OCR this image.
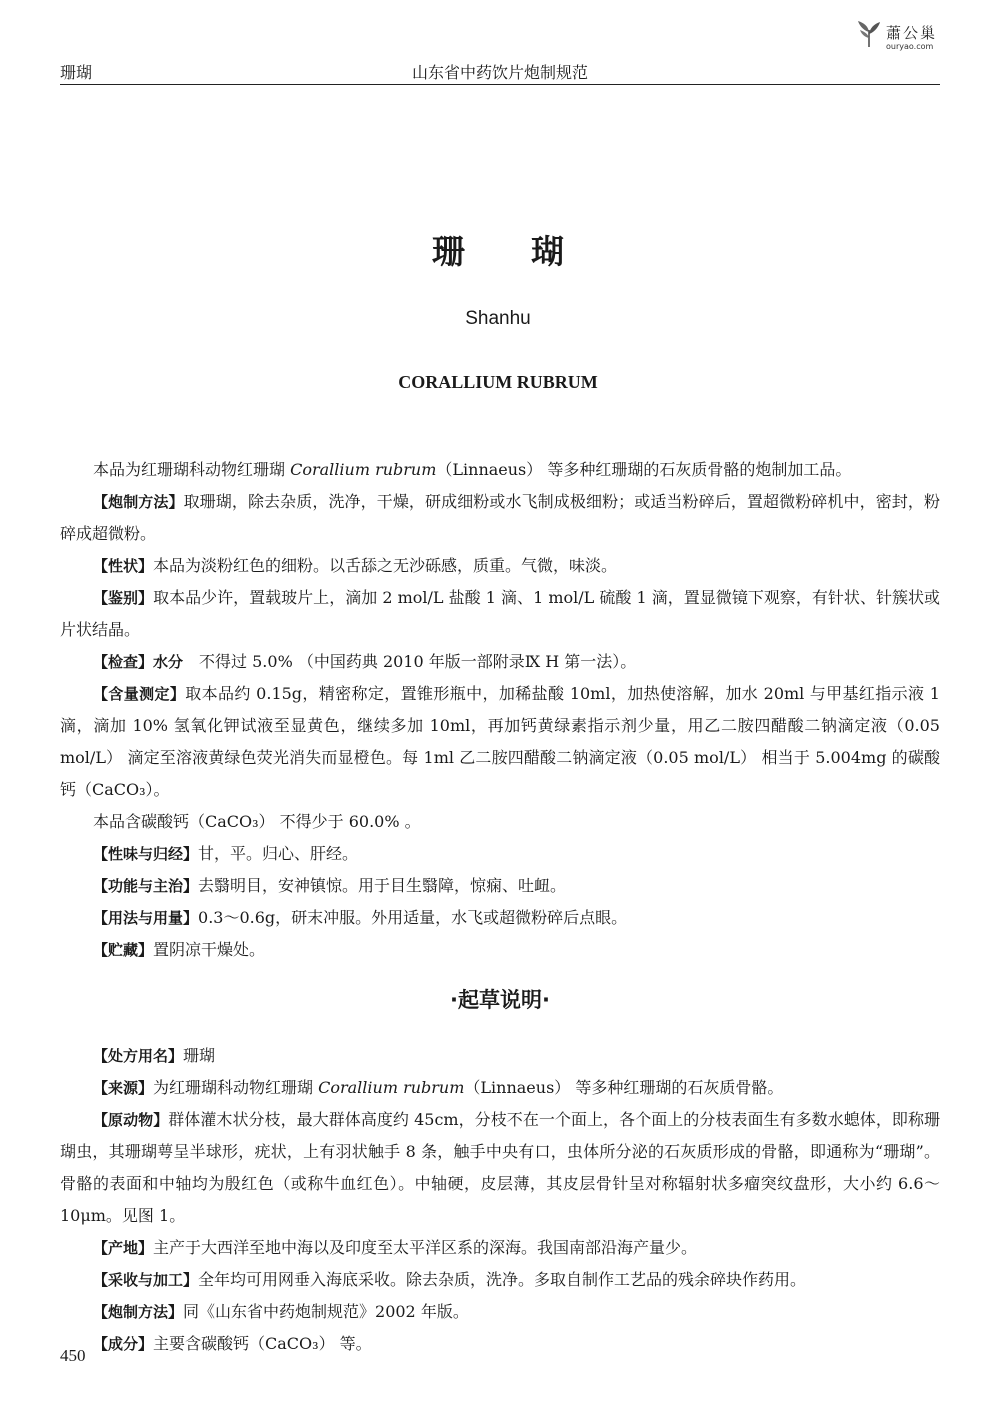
蕭公巢
ouryao.com
珊瑚	山东省中药饮片炮制规范
珊瑚
Shanhu
CORALLIUM RUBRUM

本品为红珊瑚科动物红珊瑚 Corallium rubrum（Linnaeus） 等多种红珊瑚的石灰质骨骼的炮制加工品。

【炮制方法】取珊瑚，除去杂质，洗净，干燥，研成细粉或水飞制成极细粉；或适当粉碎后，置超微粉碎机中，密封，粉碎成超微粉。

【性状】本品为淡粉红色的细粉。以舌舔之无沙砾感，质重。气微，味淡。

【鉴别】取本品少许，置载玻片上，滴加 2 mol/L 盐酸 1 滴、1 mol/L 硫酸 1 滴，置显微镜下观察，有针状、针簇状或片状结晶。

【检查】水分　不得过 5.0% （中国药典 2010 年版一部附录Ⅸ H 第一法）。

【含量测定】取本品约 0.15g，精密称定，置锥形瓶中，加稀盐酸 10ml，加热使溶解，加水 20ml 与甲基红指示液 1 滴，滴加 10% 氢氧化钾试液至显黄色，继续多加 10ml，再加钙黄绿素指示剂少量，用乙二胺四醋酸二钠滴定液（0.05 mol/L） 滴定至溶液黄绿色荧光消失而显橙色。每 1ml 乙二胺四醋酸二钠滴定液（0.05 mol/L） 相当于 5.004mg 的碳酸钙（CaCO₃）。

本品含碳酸钙（CaCO₃） 不得少于 60.0% 。

【性味与归经】甘，平。归心、肝经。

【功能与主治】去翳明目，安神镇惊。用于目生翳障，惊痫、吐衄。

【用法与用量】0.3～0.6g，研末冲服。外用适量，水飞或超微粉碎后点眼。

【贮藏】置阴凉干燥处。

·起草说明·

【处方用名】珊瑚

【来源】为红珊瑚科动物红珊瑚 Corallium rubrum（Linnaeus） 等多种红珊瑚的石灰质骨骼。

【原动物】群体灌木状分枝，最大群体高度约 45cm，分枝不在一个面上，各个面上的分枝表面生有多数水螅体，即称珊瑚虫，其珊瑚萼呈半球形，疣状，上有羽状触手 8 条，触手中央有口，虫体所分泌的石灰质形成的骨骼，即通称为“珊瑚”。骨骼的表面和中轴均为殷红色（或称牛血红色）。中轴硬，皮层薄，其皮层骨针呈对称辐射状多瘤突纹盘形，大小约 6.6～10μm。见图 1。

【产地】主产于大西洋至地中海以及印度至太平洋区系的深海。我国南部沿海产量少。

【采收与加工】全年均可用网垂入海底采收。除去杂质，洗净。多取自制作工艺品的残余碎块作药用。

【炮制方法】同《山东省中药炮制规范》2002 年版。

【成分】主要含碳酸钙（CaCO₃） 等。

450
